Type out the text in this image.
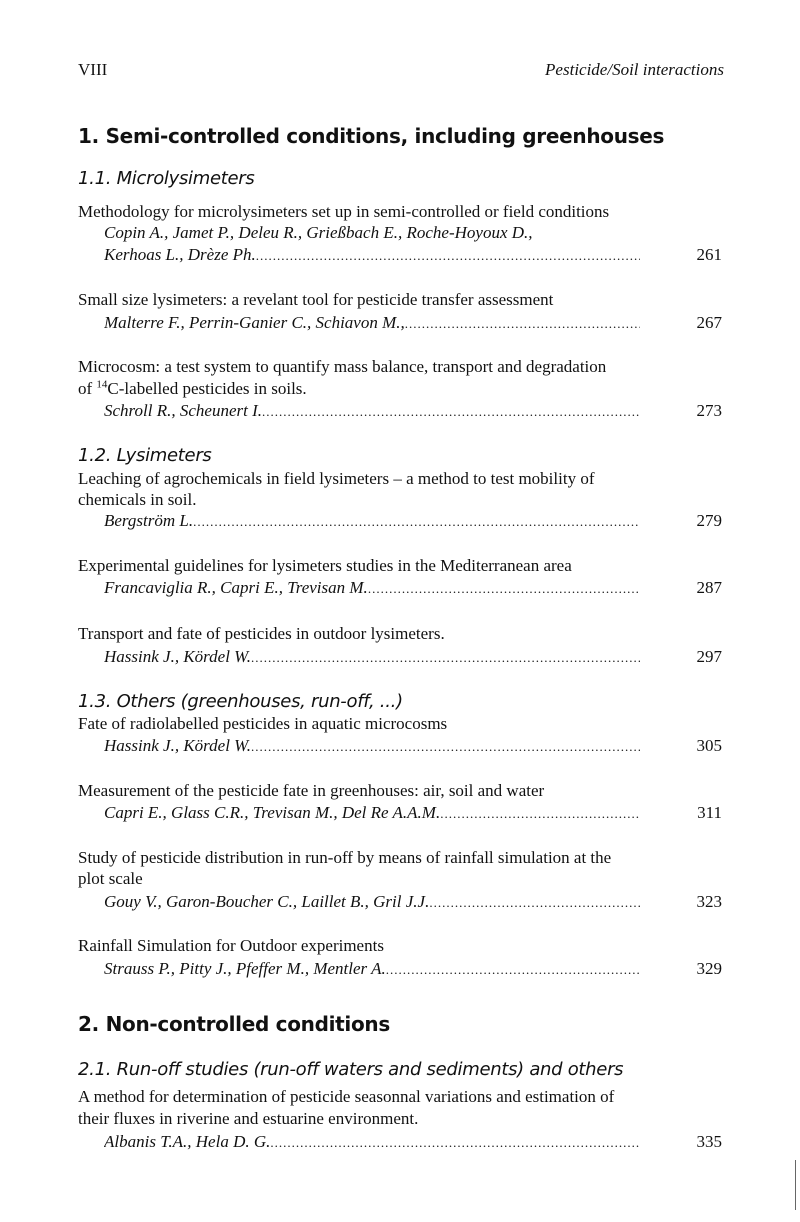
VIII	Pesticide/Soil interactions
1. Semi-controlled conditions, including greenhouses
1.1. Microlysimeters
Methodology for microlysimeters set up in semi-controlled or field conditions
Copin A., Jamet P., Deleu R., Grießbach E., Roche-Hoyoux D.,
Kerhoas L., Drèze Ph. .....	261
Small size lysimeters: a revelant tool for pesticide transfer assessment
Malterre F., Perrin-Ganier C., Schiavon M., .....	267
Microcosm: a test system to quantify mass balance, transport and degradation
of $^{14}$C-labelled pesticides in soils.
Schroll R., Scheunert I. .....	273
1.2. Lysimeters
Leaching of agrochemicals in field lysimeters – a method to test mobility of
chemicals in soil.
Bergström L. .....	279
Experimental guidelines for lysimeters studies in the Mediterranean area
Francaviglia R., Capri E., Trevisan M. .....	287
Transport and fate of pesticides in outdoor lysimeters.
Hassink J., Kördel W. .....	297
1.3. Others (greenhouses, run-off, ...)
Fate of radiolabelled pesticides in aquatic microcosms
Hassink J., Kördel W. .....	305
Measurement of the pesticide fate in greenhouses: air, soil and water
Capri E., Glass C.R., Trevisan M., Del Re A.A.M. .....	311
Study of pesticide distribution in run-off by means of rainfall simulation at the
plot scale
Gouy V., Garon-Boucher C., Laillet B., Gril J.J. .....	323
Rainfall Simulation for Outdoor experiments
Strauss P., Pitty J., Pfeffer M., Mentler A. .....	329
2. Non-controlled conditions
2.1. Run-off studies (run-off waters and sediments) and others
A method for determination of pesticide seasonnal variations and estimation of
their fluxes in riverine and estuarine environment.
Albanis T.A., Hela D. G. .....	335
